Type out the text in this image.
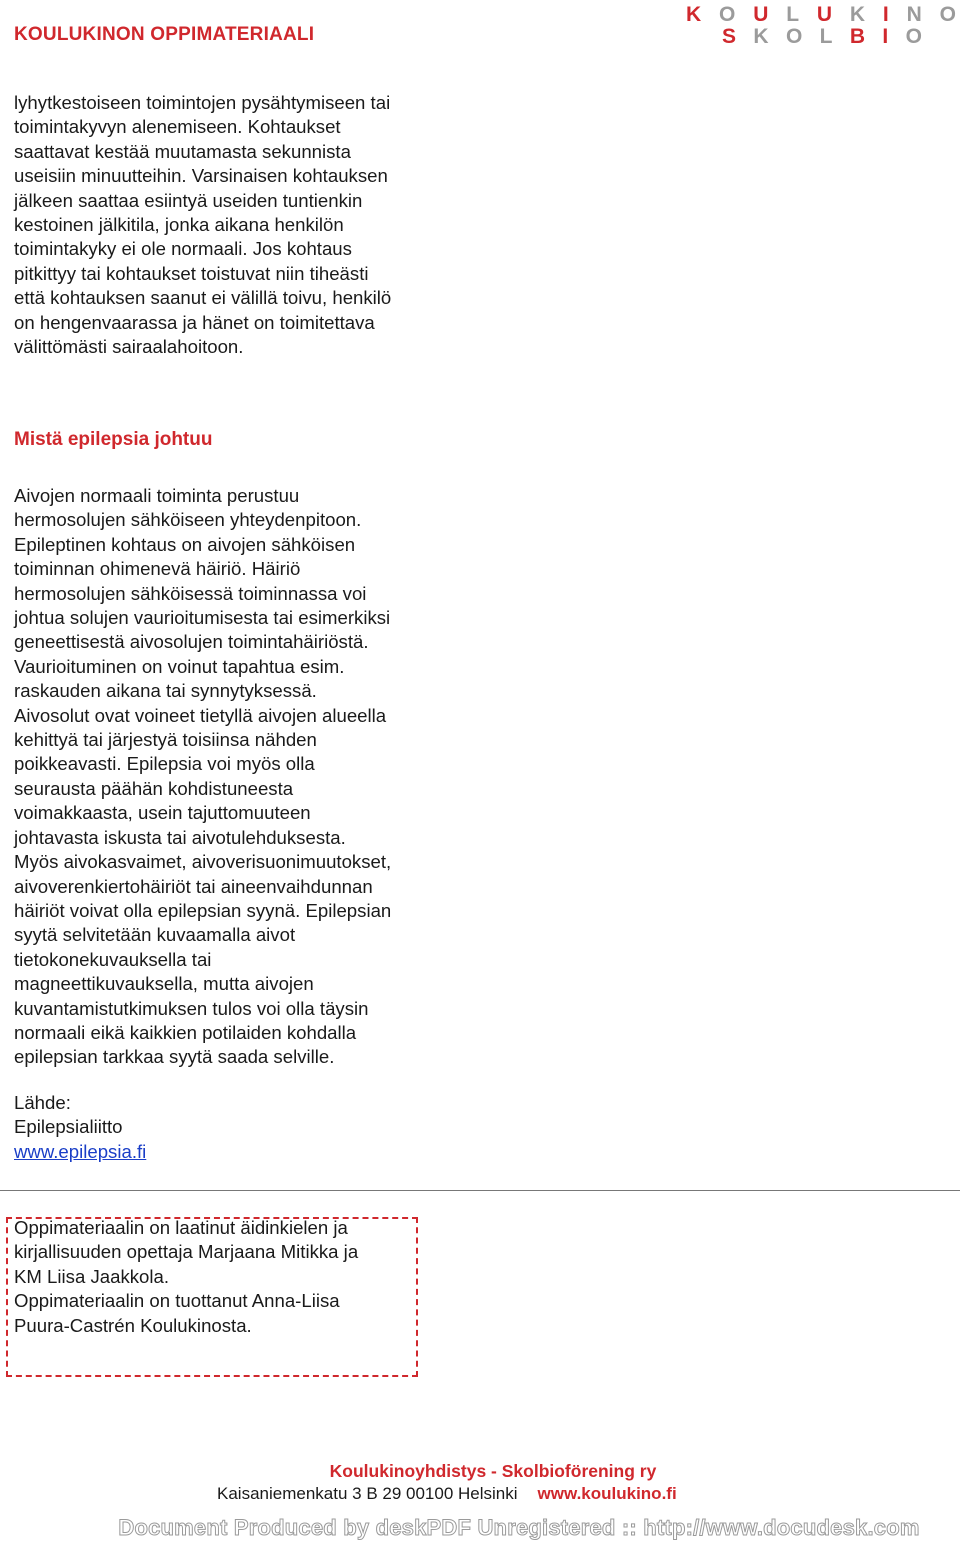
KOULUKINON OPPIMATERIAALI
K O U L U K I N O
S K O L B I O
lyhytkestoiseen toimintojen pysähtymiseen tai
toimintakyvyn alenemiseen. Kohtaukset
saattavat kestää muutamasta sekunnista
useisiin minuutteihin. Varsinaisen kohtauksen
jälkeen saattaa esiintyä useiden tuntienkin
kestoinen jälkitila, jonka aikana henkilön
toimintakyky ei ole normaali. Jos kohtaus
pitkittyy tai kohtaukset toistuvat niin tiheästi
että kohtauksen saanut ei välillä toivu, henkilö
on hengenvaarassa ja hänet on toimitettava
välittömästi sairaalahoitoon.
Mistä epilepsia johtuu
Aivojen normaali toiminta perustuu
hermosolujen sähköiseen yhteydenpitoon.
Epileptinen kohtaus on aivojen sähköisen
toiminnan ohimenevä häiriö. Häiriö
hermosolujen sähköisessä toiminnassa voi
johtua solujen vaurioitumisesta tai esimerkiksi
geneettisestä aivosolujen toimintahäiriöstä.
Vaurioituminen on voinut tapahtua esim.
raskauden aikana tai synnytyksessä.
Aivosolut ovat voineet tietyllä aivojen alueella
kehittyä tai järjestyä toisiinsa nähden
poikkeavasti. Epilepsia voi myös olla
seurausta päähän kohdistuneesta
voimakkaasta, usein tajuttomuuteen
johtavasta iskusta tai aivotulehduksesta.
Myös aivokasvaimet, aivoverisuonimuutokset,
aivoverenkiertohäiriöt tai aineenvaihdunnan
häiriöt voivat olla epilepsian syynä. Epilepsian
syytä selvitetään kuvaamalla aivot
tietokonekuvauksella tai
magneettikuvauksella, mutta aivojen
kuvantamistutkimuksen tulos voi olla täysin
normaali eikä kaikkien potilaiden kohdalla
epilepsian tarkkaa syytä saada selville.
Lähde:
Epilepsialiitto
www.epilepsia.fi
Oppimateriaalin on laatinut äidinkielen ja
kirjallisuuden opettaja Marjaana Mitikka ja
KM Liisa Jaakkola.
Oppimateriaalin on tuottanut Anna-Liisa
Puura-Castrén Koulukinosta.
Koulukinoyhdistys - Skolbioförening ry
Kaisaniemenkatu 3 B 29 00100 Helsinki www.koulukino.fi
Document Produced by deskPDF Unregistered :: http://www.docudesk.com
